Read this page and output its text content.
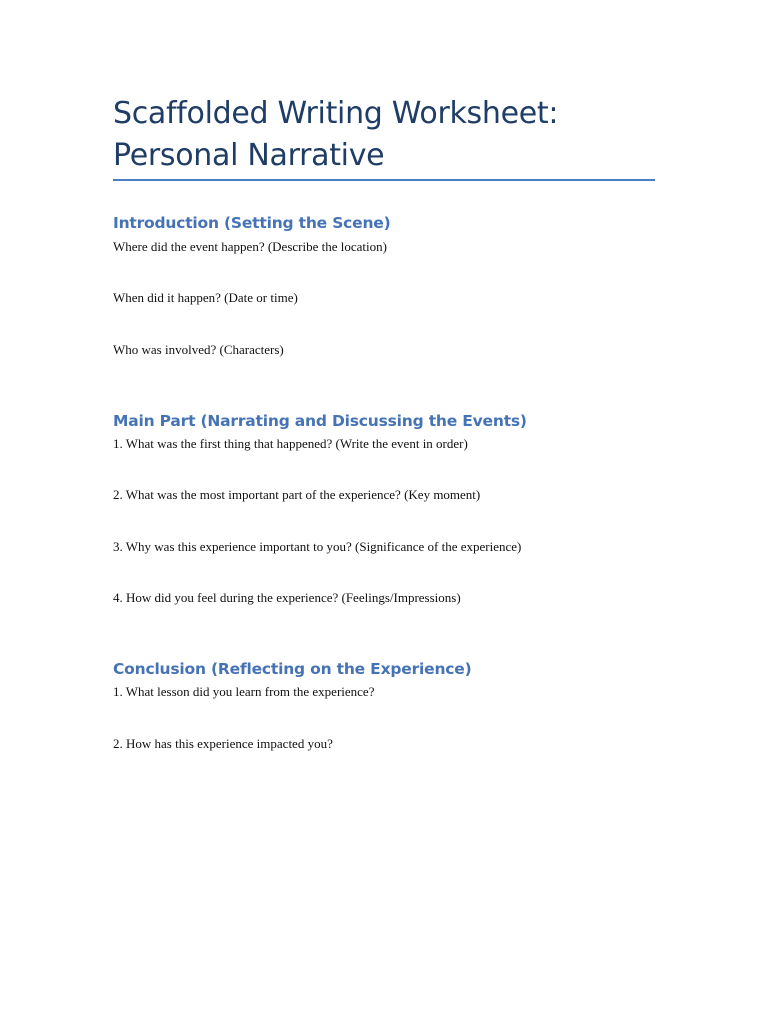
Scaffolded Writing Worksheet: Personal Narrative
Introduction (Setting the Scene)

Where did the event happen? (Describe the location)

When did it happen? (Date or time)

Who was involved? (Characters)

Main Part (Narrating and Discussing the Events)

1. What was the first thing that happened? (Write the event in order)

2. What was the most important part of the experience? (Key moment)

3. Why was this experience important to you? (Significance of the experience)

4. How did you feel during the experience? (Feelings/Impressions)

Conclusion (Reflecting on the Experience)

1. What lesson did you learn from the experience?

2. How has this experience impacted you?
